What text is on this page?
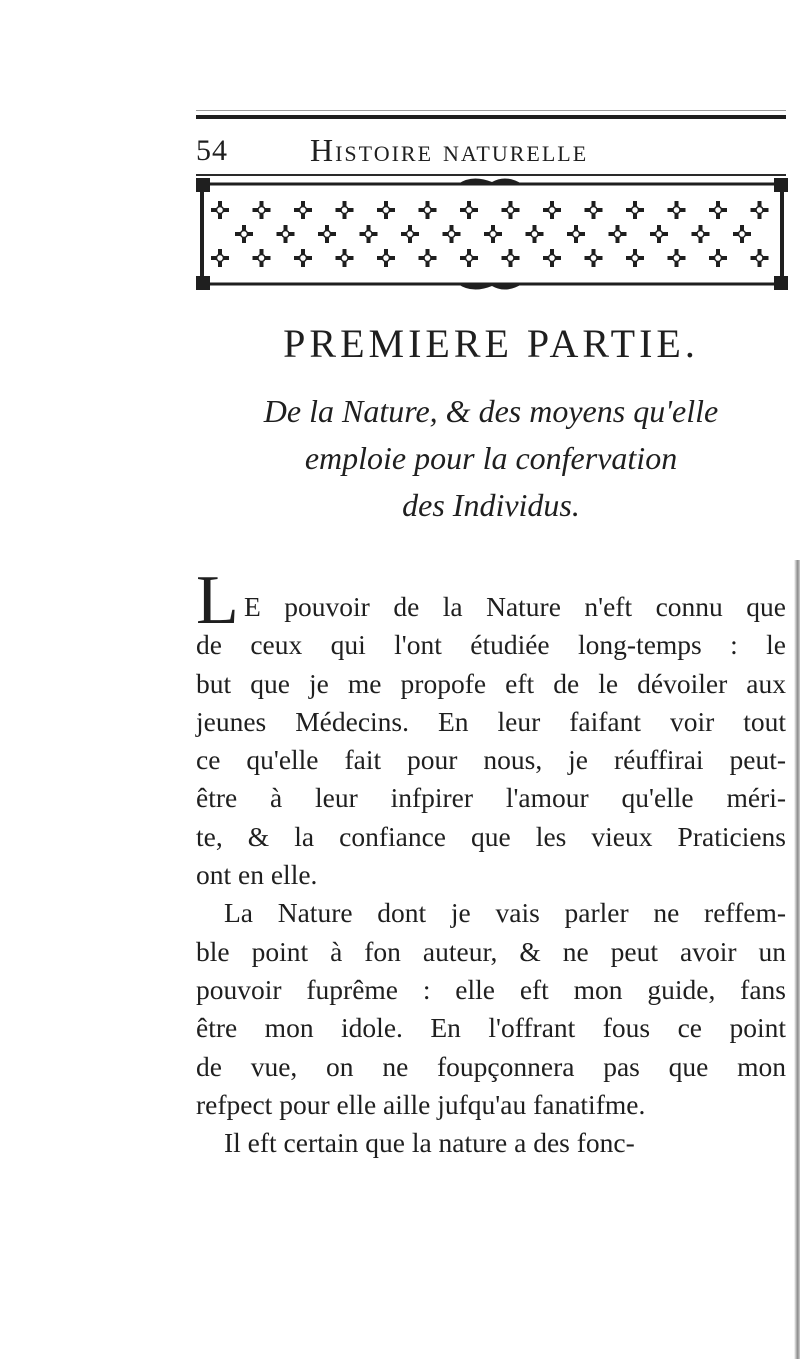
54	Histoire naturelle
PREMIERE PARTIE.
De la Nature, & des moyens qu'elle
emploie pour la confervation
des Individus.
L E pouvoir de la Nature n'eft connu que
de ceux qui l'ont étudiée long-temps : le
but que je me propofe eft de le dévoiler aux
jeunes Médecins. En leur faifant voir tout
ce qu'elle fait pour nous, je réuffirai peut-
être à leur infpirer l'amour qu'elle méri-
te, & la confiance que les vieux Praticiens
ont en elle.
La Nature dont je vais parler ne reffem-
ble point à fon auteur, & ne peut avoir un
pouvoir fuprême : elle eft mon guide, fans
être mon idole. En l'offrant fous ce point
de vue, on ne foupçonnera pas que mon
refpect pour elle aille jufqu'au fanatifme.
Il eft certain que la nature a des fonc-
